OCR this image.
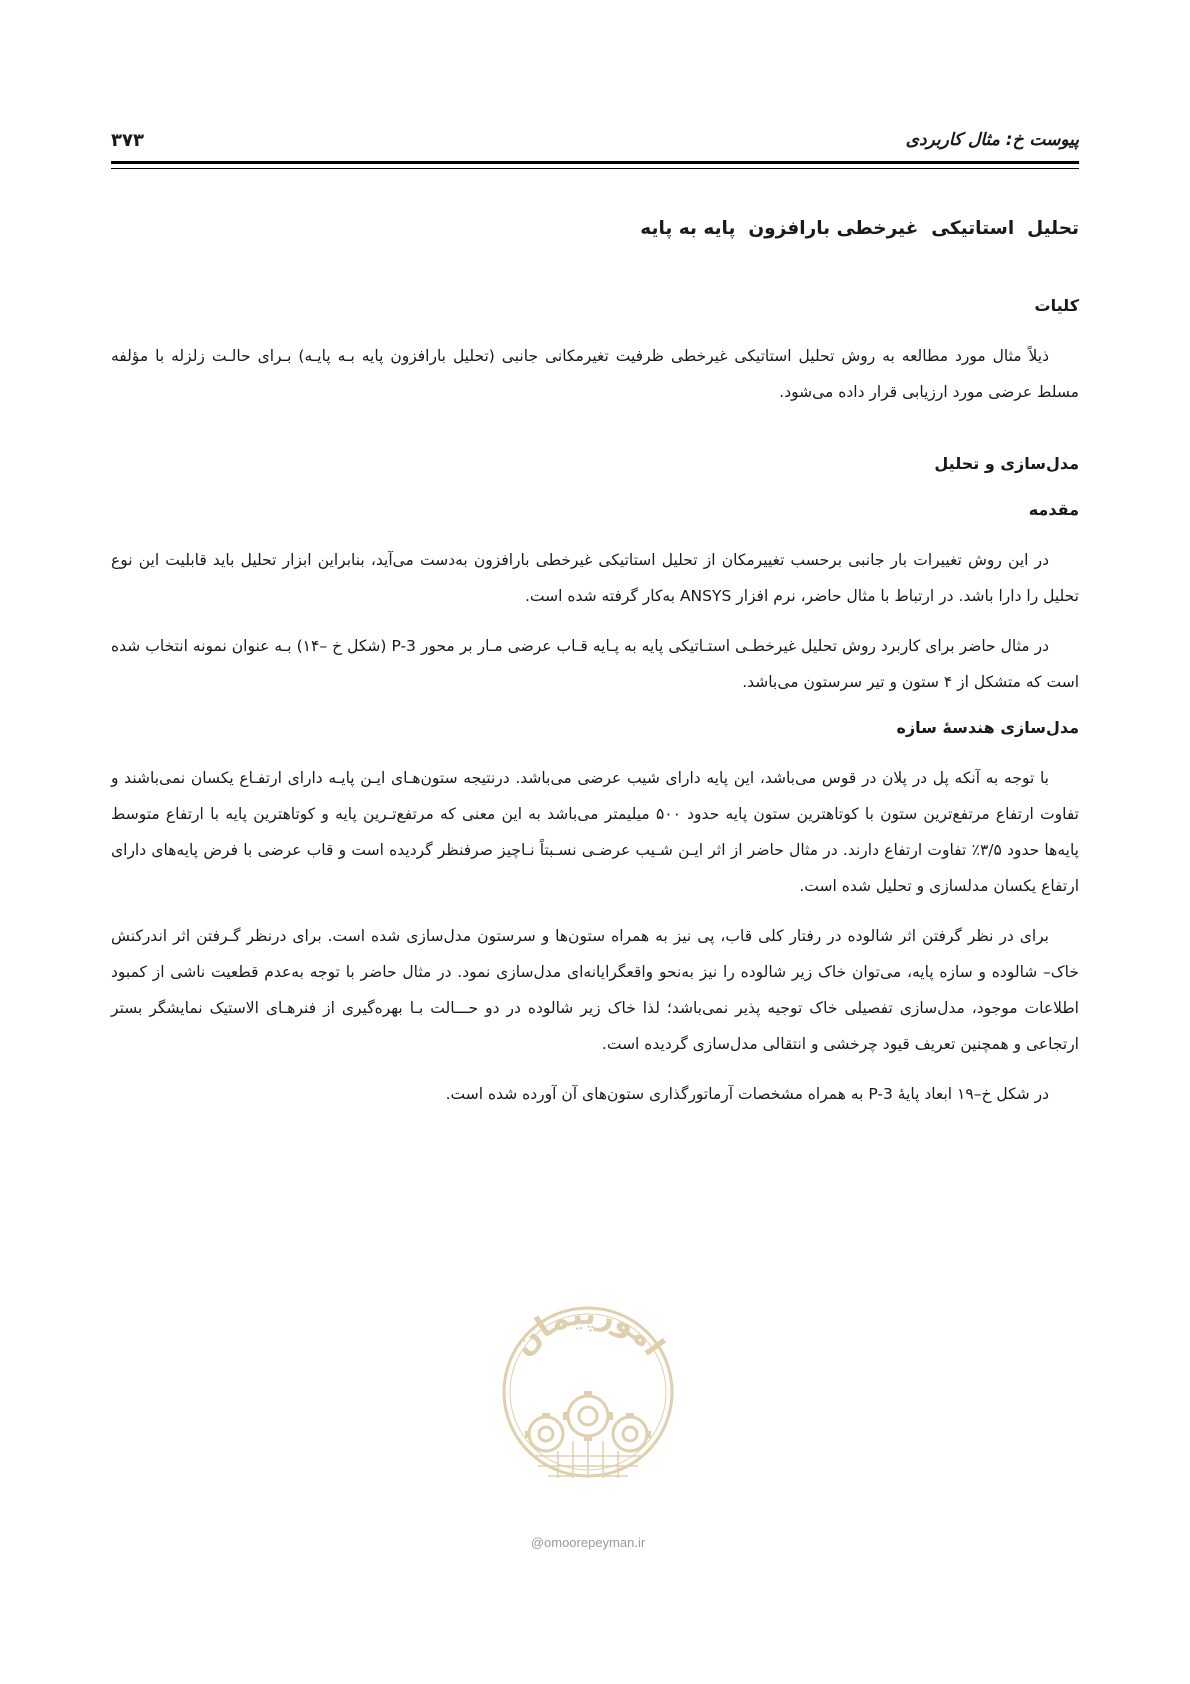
پیوست خ: مثال کاربردی
۳۷۳
تحلیل  استاتیکی  غیرخطی بارافزون  پایه به پایه
کلیات

ذیلاً مثال مورد مطالعه به روش تحلیل استاتیکی غیرخطی ظرفیت تغیرمکانی جانبی (تحلیل بارافزون پایه بـه پایـه) بـرای حالـت زلزله با مؤلفه مسلط عرضی مورد ارزیابی قرار داده می‌شود.

مدل‌سازی و تحلیل
مقدمه

در این روش تغییرات بار جانبی برحسب تغییرمکان از تحلیل استاتیکی غیرخطی بارافزون به‌دست می‌آید، بنابراین ابزار تحلیل باید قابلیت این نوع تحلیل را دارا باشد. در ارتباط با مثال حاضر، نرم افزار ANSYS به‌کار گرفته شده است.

در مثال حاضر برای کاربرد روش تحلیل غیرخطـی استـاتیکی پایه به پـایه قـاب عرضی مـار بر محور P-3 (شکل خ –۱۴) بـه عنوان نمونه انتخاب شده است که متشکل از ۴ ستون و تیر سرستون می‌باشد.

مدل‌سازی هندسهٔ سازه

با توجه به آنکه پل در پلان در قوس می‌باشد، این پایه دارای شیب عرضی می‌باشد. درنتیجه ستون‌هـای ایـن پایـه دارای ارتفـاع یکسان نمی‌باشند و تفاوت ارتفاع مرتفع‌ترین ستون با کوتاهترین ستون پایه حدود ۵۰۰ میلیمتر می‌باشد به این معنی که مرتفع‌تـرین پایه و کوتاهترین پایه با ارتفاع متوسط پایه‌ها حدود ۳/۵٪ تفاوت ارتفاع دارند. در مثال حاضر از اثر ایـن شـیب عرضـی نسـبتاً نـاچیز صرفنظر گردیده است و قاب عرضی با فرض پایه‌های دارای ارتفاع یکسان مدلسازی و تحلیل شده است.

برای در نظر گرفتن اثر شالوده در رفتار کلی قاب، پی نیز به همراه ستون‌ها و سرستون مدل‌سازی شده است. برای درنظر گـرفتن اثر اندرکنش خاک– شالوده و سازه پایه، می‌توان خاک زیر شالوده را نیز به‌نحو واقعگرایانه‌ای مدل‌سازی نمود. در مثال حاضر با توجه به‌عدم قطعیت ناشی از کمبود اطلاعات موجود، مدل‌سازی تفصیلی خاک توجیه پذیر نمی‌باشد؛ لذا خاک زیر شالوده در دو حـــالت بـا بهره‌گیری از فنرهـای الاستیک نمایشگر بستر ارتجاعی و همچنین تعریف قیود چرخشی و انتقالی مدل‌سازی گردیده است.

در شکل خ–۱۹ ابعاد پایهٔ P-3 به همراه مشخصات آرماتورگذاری ستون‌های آن آورده شده است.

امورپیمان
@omoorepeyman.ir
